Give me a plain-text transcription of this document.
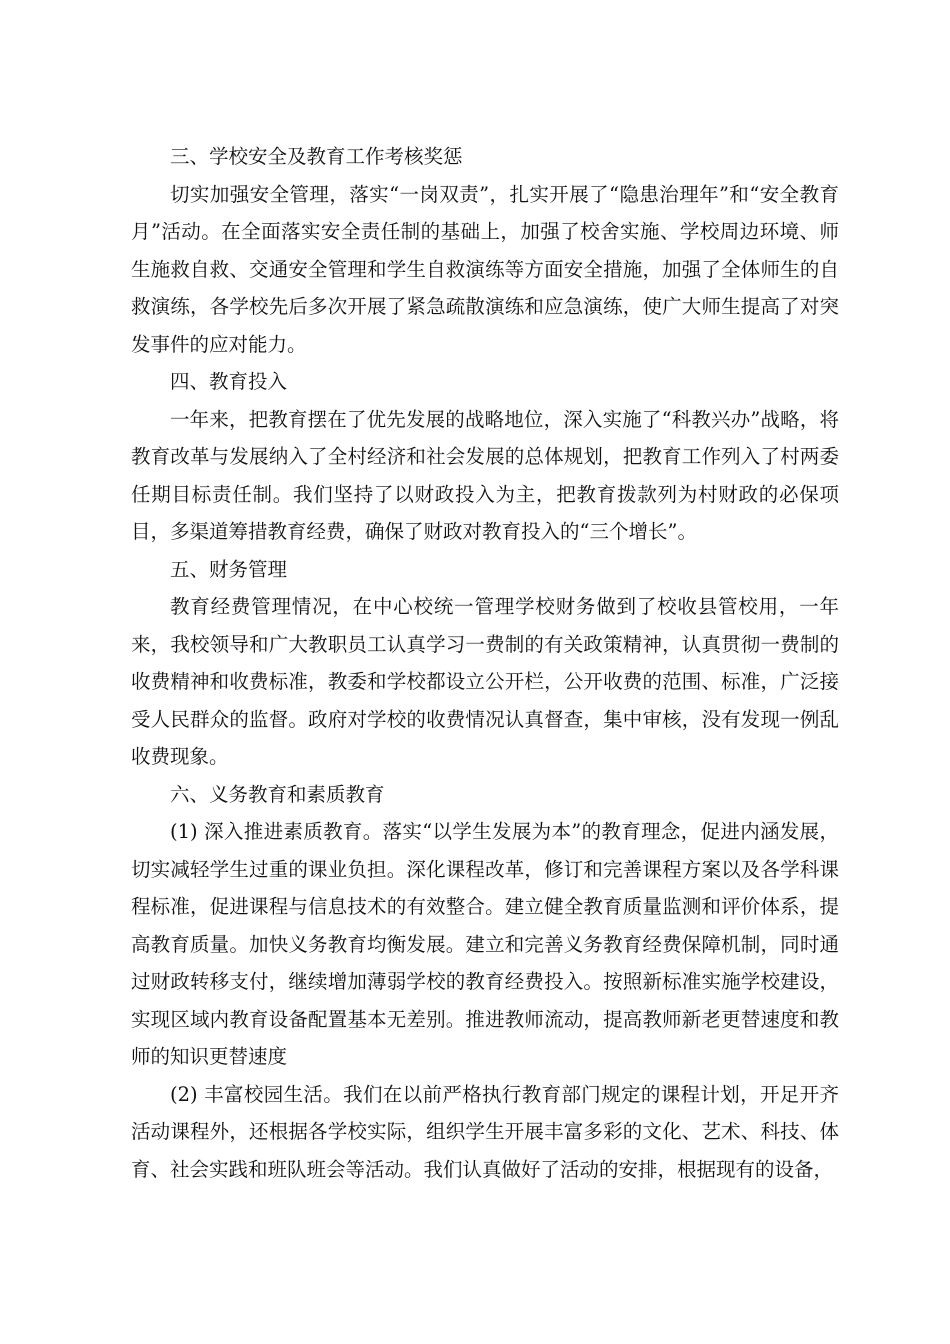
三、学校安全及教育工作考核奖惩

切实加强安全管理，落实“一岗双责”，扎实开展了“隐患治理年”和“安全教育月”活动。在全面落实安全责任制的基础上，加强了校舍实施、学校周边环境、师生施救自救、交通安全管理和学生自救演练等方面安全措施，加强了全体师生的自救演练，各学校先后多次开展了紧急疏散演练和应急演练，使广大师生提高了对突发事件的应对能力。

四、教育投入

一年来，把教育摆在了优先发展的战略地位，深入实施了“科教兴办”战略，将教育改革与发展纳入了全村经济和社会发展的总体规划，把教育工作列入了村两委任期目标责任制。我们坚持了以财政投入为主，把教育拨款列为村财政的必保项目，多渠道筹措教育经费，确保了财政对教育投入的“三个增长”。

五、财务管理

教育经费管理情况，在中心校统一管理学校财务做到了校收县管校用，一年来，我校领导和广大教职员工认真学习一费制的有关政策精神，认真贯彻一费制的收费精神和收费标准，教委和学校都设立公开栏，公开收费的范围、标准，广泛接受人民群众的监督。政府对学校的收费情况认真督查，集中审核，没有发现一例乱收费现象。

六、义务教育和素质教育

(1) 深入推进素质教育。落实“以学生发展为本”的教育理念，促进内涵发展，切实减轻学生过重的课业负担。深化课程改革，修订和完善课程方案以及各学科课程标准，促进课程与信息技术的有效整合。建立健全教育质量监测和评价体系，提高教育质量。加快义务教育均衡发展。建立和完善义务教育经费保障机制，同时通过财政转移支付，继续增加薄弱学校的教育经费投入。按照新标准实施学校建设，实现区域内教育设备配置基本无差别。推进教师流动，提高教师新老更替速度和教师的知识更替速度

(2) 丰富校园生活。我们在以前严格执行教育部门规定的课程计划，开足开齐活动课程外，还根据各学校实际，组织学生开展丰富多彩的文化、艺术、科技、体育、社会实践和班队班会等活动。我们认真做好了活动的安排，根据现有的设备，
